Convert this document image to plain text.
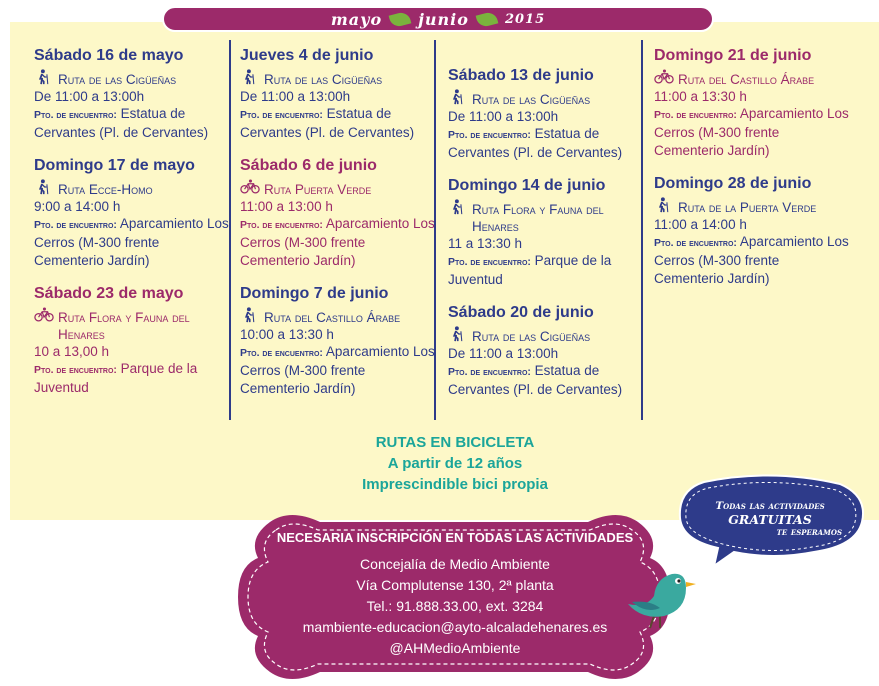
mayo junio	2015
Sábado 16 de mayo
Ruta de las Cigüeñas
De 11:00 a 13:00h
Pto. de encuentro: Estatua de Cervantes (Pl. de Cervantes)
Domingo 17 de mayo
Ruta Ecce-Homo
9:00 a 14:00 h
Pto. de encuentro: Aparcamiento Los Cerros (M-300 frente Cementerio Jardín)
Sábado 23 de mayo
Ruta Flora y Fauna del Henares
10 a 13,00 h
Pto. de encuentro: Parque de la Juventud
Jueves 4 de junio
Ruta de las Cigüeñas
De 11:00 a 13:00h
Pto. de encuentro: Estatua de Cervantes (Pl. de Cervantes)
Sábado 6 de junio
Ruta Puerta Verde
11:00 a 13:00 h
Pto. de encuentro: Aparcamiento Los Cerros (M-300 frente Cementerio Jardín)
Domingo 7 de junio
Ruta del Castillo Árabe
10:00 a 13:30 h
Pto. de encuentro: Aparcamiento Los Cerros (M-300 frente Cementerio Jardín)
Sábado 13 de junio
Ruta de las Cigüeñas
De 11:00 a 13:00h
Pto. de encuentro: Estatua de Cervantes (Pl. de Cervantes)
Domingo 14 de junio
Ruta Flora y Fauna del Henares
11 a 13:30 h
Pto. de encuentro: Parque de la Juventud
Sábado 20 de junio
Ruta de las Cigüeñas
De 11:00 a 13:00h
Pto. de encuentro: Estatua de Cervantes (Pl. de Cervantes)
Domingo 21 de junio
Ruta del Castillo Árabe
11:00 a 13:30 h
Pto. de encuentro: Aparcamiento Los Cerros (M-300 frente Cementerio Jardín)
Domingo 28 de junio
Ruta de la Puerta Verde
11:00 a 14:00 h
Pto. de encuentro: Aparcamiento Los Cerros (M-300 frente Cementerio Jardín)
RUTAS EN BICICLETA
A partir de 12 años
Imprescindible bici propia
Todas las actividades
GRATUITAS
te esperamos
NECESARIA INSCRIPCIÓN EN TODAS LAS ACTIVIDADES
Concejalía de Medio Ambiente
Vía Complutense 130, 2ª planta
Tel.: 91.888.33.00, ext. 3284
mambiente-educacion@ayto-alcaladehenares.es
@AHMedioAmbiente
